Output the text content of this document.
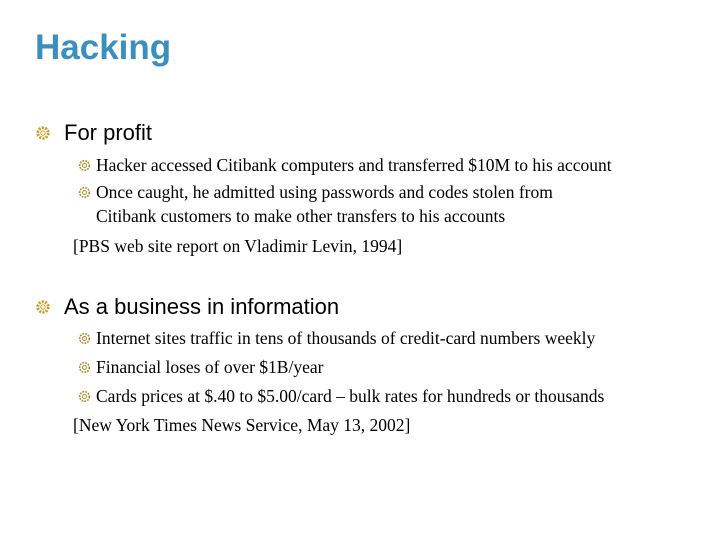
Hacking
For profit
Hacker accessed Citibank computers and transferred $10M to his account
Once caught, he admitted using passwords and codes stolen from
Citibank customers to make other transfers to his accounts
[PBS web site report on Vladimir Levin, 1994]
As a business in information
Internet sites traffic in tens of thousands of credit-card numbers weekly
Financial loses of over $1B/year
Cards prices at $.40 to $5.00/card – bulk rates for hundreds or thousands
[New York Times News Service, May 13, 2002]
